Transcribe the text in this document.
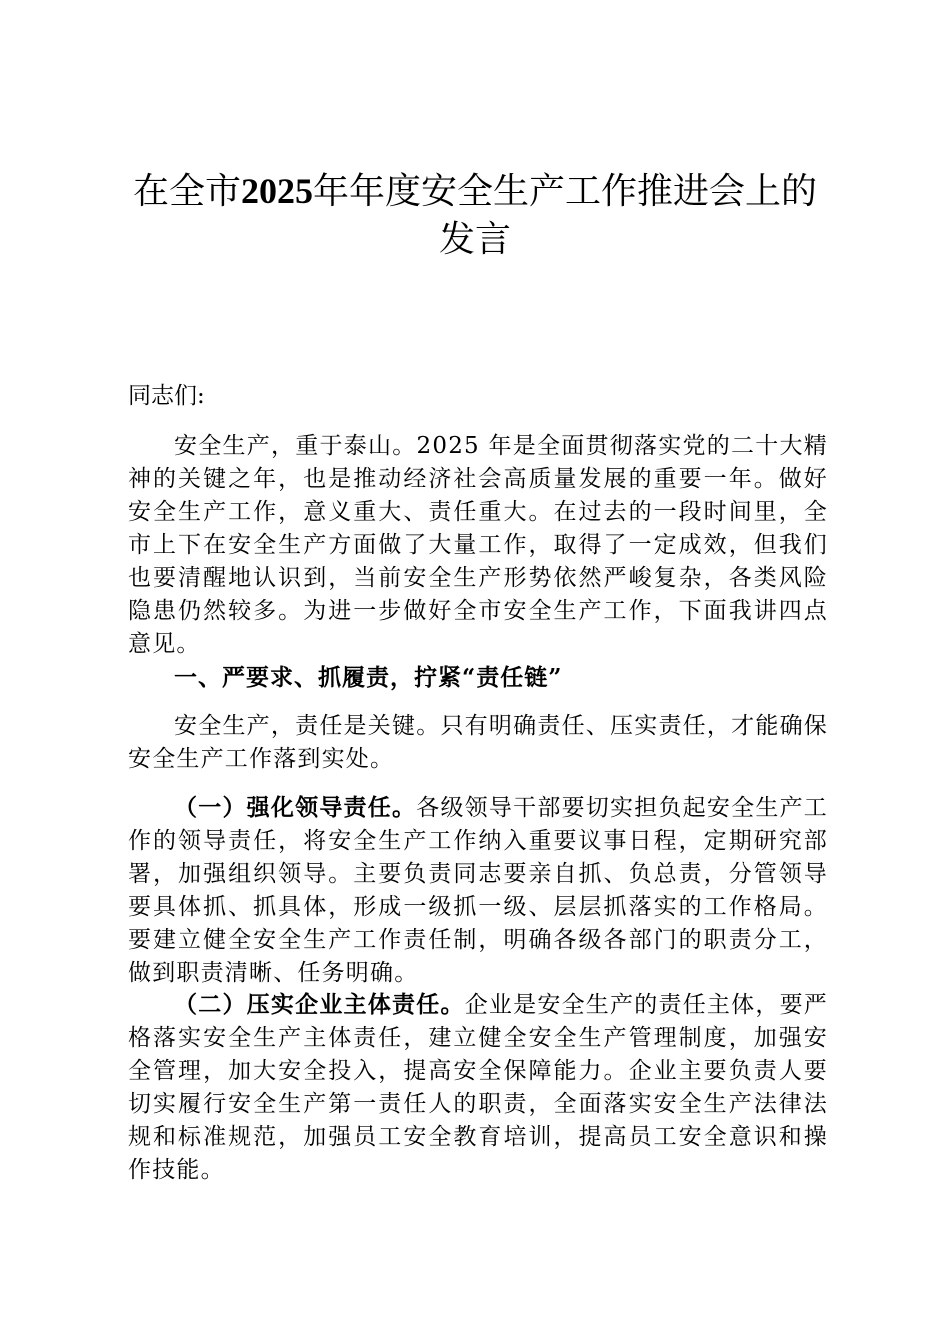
在全市2025年年度安全生产工作推进会上的
发言
同志们:
安全生产，重于泰山。2025 年是全面贯彻落实党的二十大精神的关键之年，也是推动经济社会高质量发展的重要一年。做好安全生产工作，意义重大、责任重大。在过去的一段时间里，全市上下在安全生产方面做了大量工作，取得了一定成效，但我们也要清醒地认识到，当前安全生产形势依然严峻复杂，各类风险隐患仍然较多。为进一步做好全市安全生产工作，下面我讲四点意见。
一、严要求、抓履责，拧紧“责任链”
安全生产，责任是关键。只有明确责任、压实责任，才能确保安全生产工作落到实处。
（一）强化领导责任。各级领导干部要切实担负起安全生产工作的领导责任，将安全生产工作纳入重要议事日程，定期研究部署，加强组织领导。主要负责同志要亲自抓、负总责，分管领导要具体抓、抓具体，形成一级抓一级、层层抓落实的工作格局。要建立健全安全生产工作责任制，明确各级各部门的职责分工，做到职责清晰、任务明确。
（二）压实企业主体责任。企业是安全生产的责任主体，要严格落实安全生产主体责任，建立健全安全生产管理制度，加强安全管理，加大安全投入，提高安全保障能力。企业主要负责人要切实履行安全生产第一责任人的职责，全面落实安全生产法律法规和标准规范，加强员工安全教育培训，提高员工安全意识和操作技能。
